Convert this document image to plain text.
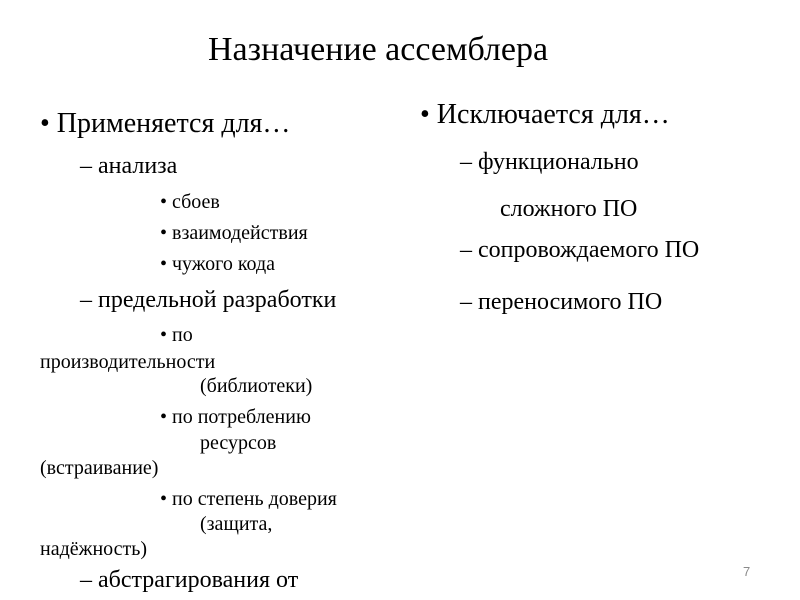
Назначение ассемблера
• Применяется для…
– анализа
• сбоев
• взаимодействия
• чужого кода
– предельной разработки
• по
производительности
(библиотеки)
• по потреблению
ресурсов
(встраивание)
• по степень доверия
(защита,
надёжность)
– абстрагирования от
• Исключается для…
– функционально
сложного ПО
– сопровождаемого ПО
– переносимого ПО
7
